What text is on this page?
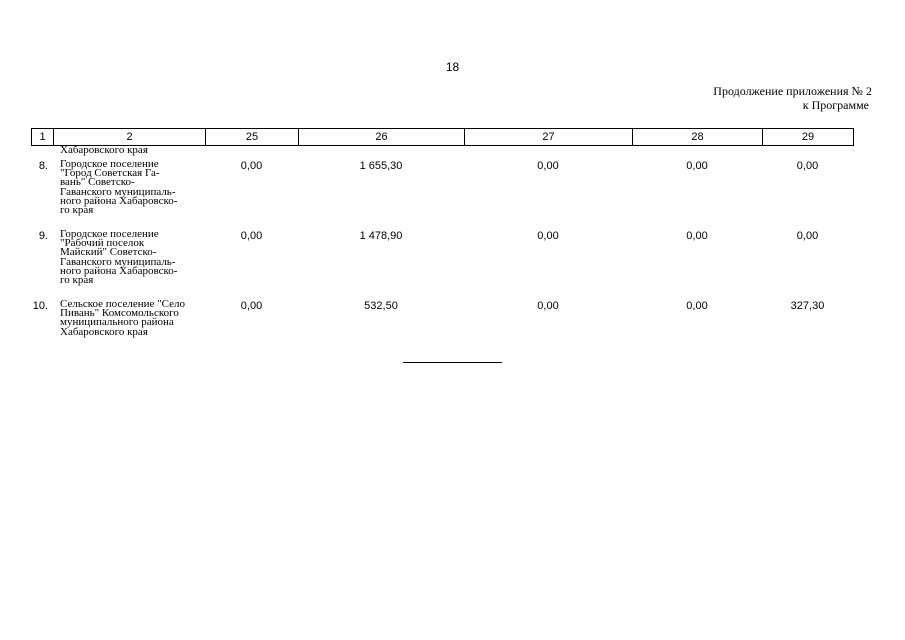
18
Продолжение приложения № 2
к Программе
1	2	25	26	27	28	29
Хабаровского края
8. Городское поселение
"Город Советская Га-
вань" Советско-
Гаванского муниципаль-
ного района Хабаровско-
го края
0,00	1 655,30	0,00	0,00	0,00
9. Городское поселение
"Рабочий поселок
Майский" Советско-
Гаванского муниципаль-
ного района Хабаровско-
го края
0,00	1 478,90	0,00	0,00	0,00
10. Сельское поселение "Село
Пивань" Комсомольского
муниципального района
Хабаровского края
0,00	532,50	0,00	0,00	327,30
